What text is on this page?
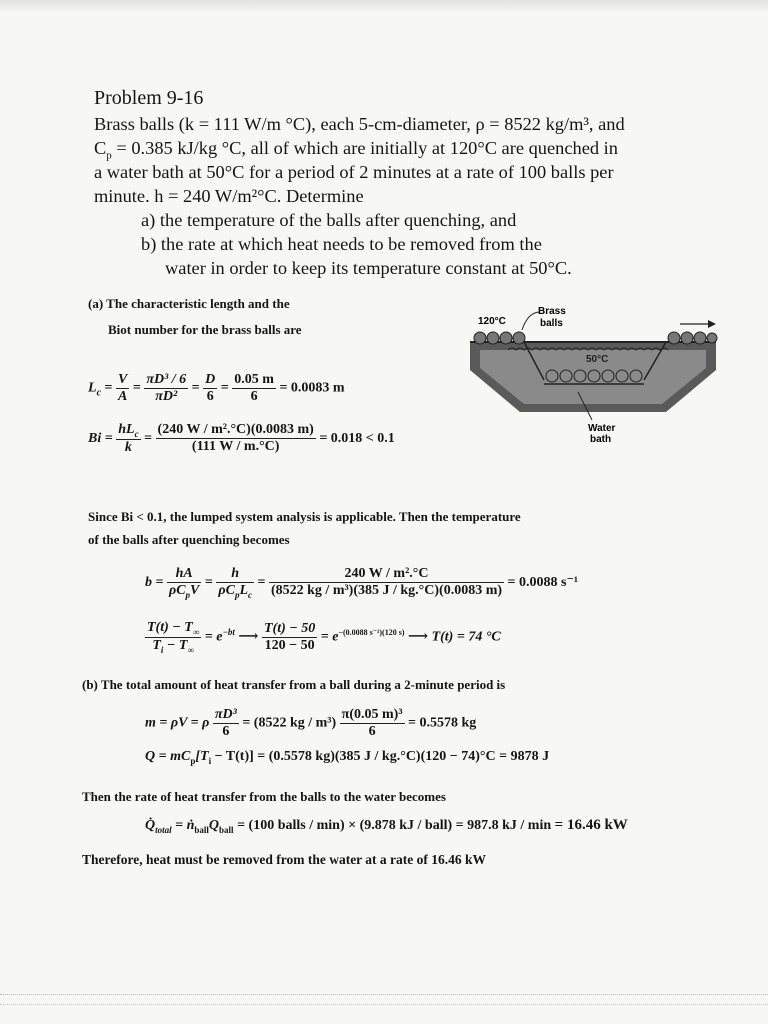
Problem 9-16
Brass balls (k = 111 W/m °C), each 5-cm-diameter, ρ = 8522 kg/m³, and
$C_p = 0.385$ kJ/kg °C, all of which are initially at 120°C are quenched in
a water bath at 50°C for a period of 2 minutes at a rate of 100 balls per
minute. h = 240 W/m²°C. Determine
a) the temperature of the balls after quenching, and
b) the rate at which heat needs to be removed from the
water in order to keep its temperature constant at 50°C.
(a) The characteristic length and the
Biot number for the brass balls are
Brass
balls
120°C
50°C
Water
bath
$L_c = \frac{V}{A} = \frac{\text{πD³ / 6}}{\text{πD²}} = \frac{D}{6} = \frac{0.05 m}{6} = 0.0083$ m
$Bi = \frac{hL_c}{k} = \frac{\text{(240 W / m².°C)(0.0083 m)}}{(111 W / m.^\circ C)} = 0.018 < 0.1$
Since Bi < 0.1, the lumped system analysis is applicable. Then the temperature
of the balls after quenching becomes
$b = \frac{hA}{\rho C_pV} = \frac{h}{\rho C_pL_c} = \frac{\text{240 W / m².°C}}{\text{(8522 kg / m³)(385 J / kg.°C)(0.0083 m)}} = 0.0088$ s⁻¹
$\frac{T(t) - T_\infty}{T_i - T_\infty} = e^{-bt}$ ⟶ $\frac{T(t) - 50}{120 - 50} = e^{-(0.0088 s^{-1})(120 s)}$ ⟶ T(t) = 74 °C
(b) The total amount of heat transfer from a ball during a 2-minute period is
m = ρV = ρ $\frac{\text{πD³}}{6} = (8522$ kg / $m^3) \frac{\text{π(0.05 m)³}}{6} = 0.5578$ kg
$Q = mC_p[T_i - T(t)] = (0.5578$ kg)(385 J / kg.°C)(120 − 74)°C = 9878 J
Then the rate of heat transfer from the balls to the water becomes
$Q̇_{total}$ = $ṅ_{ball}Q_{ball} = (100$ balls / min) × (9.878 kJ / ball) = 987.8 kJ / min = 16.46 kW
Therefore, heat must be removed from the water at a rate of 16.46 kW
